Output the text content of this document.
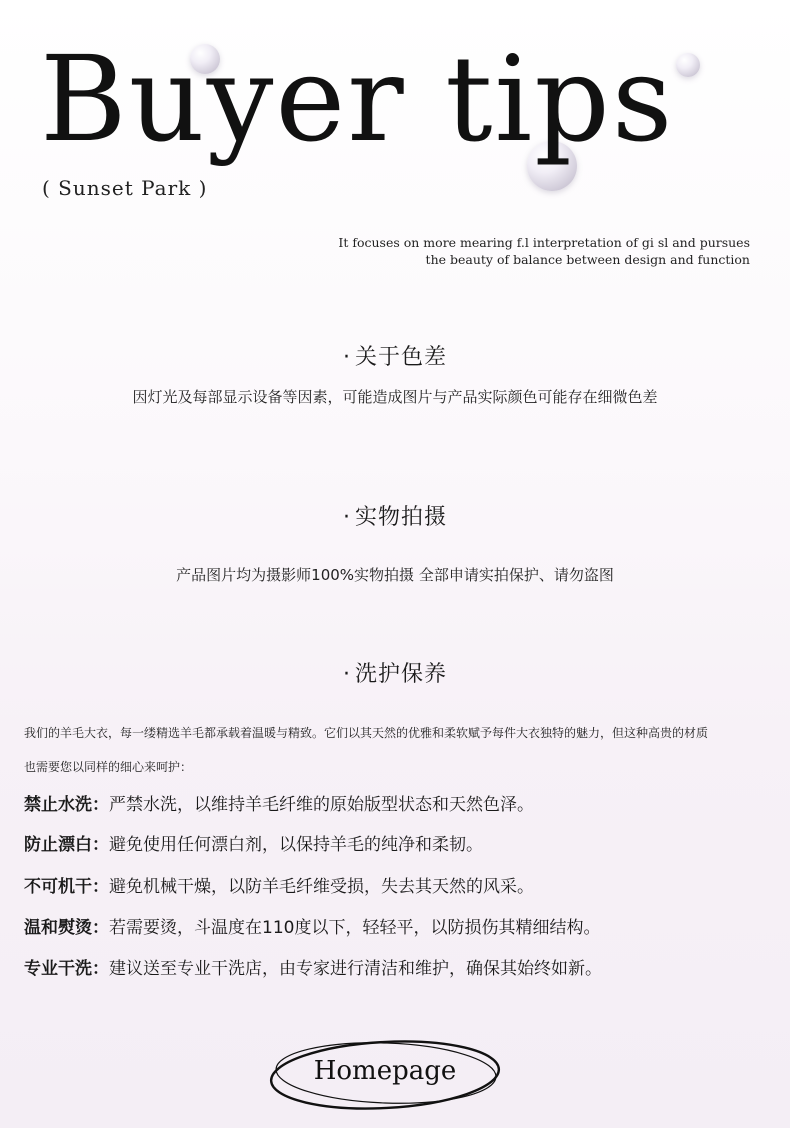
Buyer tips
( Sunset Park )
It focuses on more mearing f.l interpretation of gi sl and pursues
the beauty of balance between design and function
· 关于色差
因灯光及每部显示设备等因素，可能造成图片与产品实际颜色可能存在细微色差
· 实物拍摄
产品图片均为摄影师100%实物拍摄 全部申请实拍保护、请勿盗图
· 洗护保养
我们的羊毛大衣，每一缕精选羊毛都承载着温暖与精致。它们以其天然的优雅和柔软赋予每件大衣独特的魅力，但这种高贵的材质
也需要您以同样的细心来呵护：
禁止水洗：严禁水洗，以维持羊毛纤维的原始版型状态和天然色泽。
防止漂白：避免使用任何漂白剂，以保持羊毛的纯净和柔韧。
不可机干：避免机械干燥，以防羊毛纤维受损，失去其天然的风采。
温和熨烫：若需要烫，斗温度在110度以下，轻轻平，以防损伤其精细结构。
专业干洗：建议送至专业干洗店，由专家进行清洁和维护，确保其始终如新。
Homepage
